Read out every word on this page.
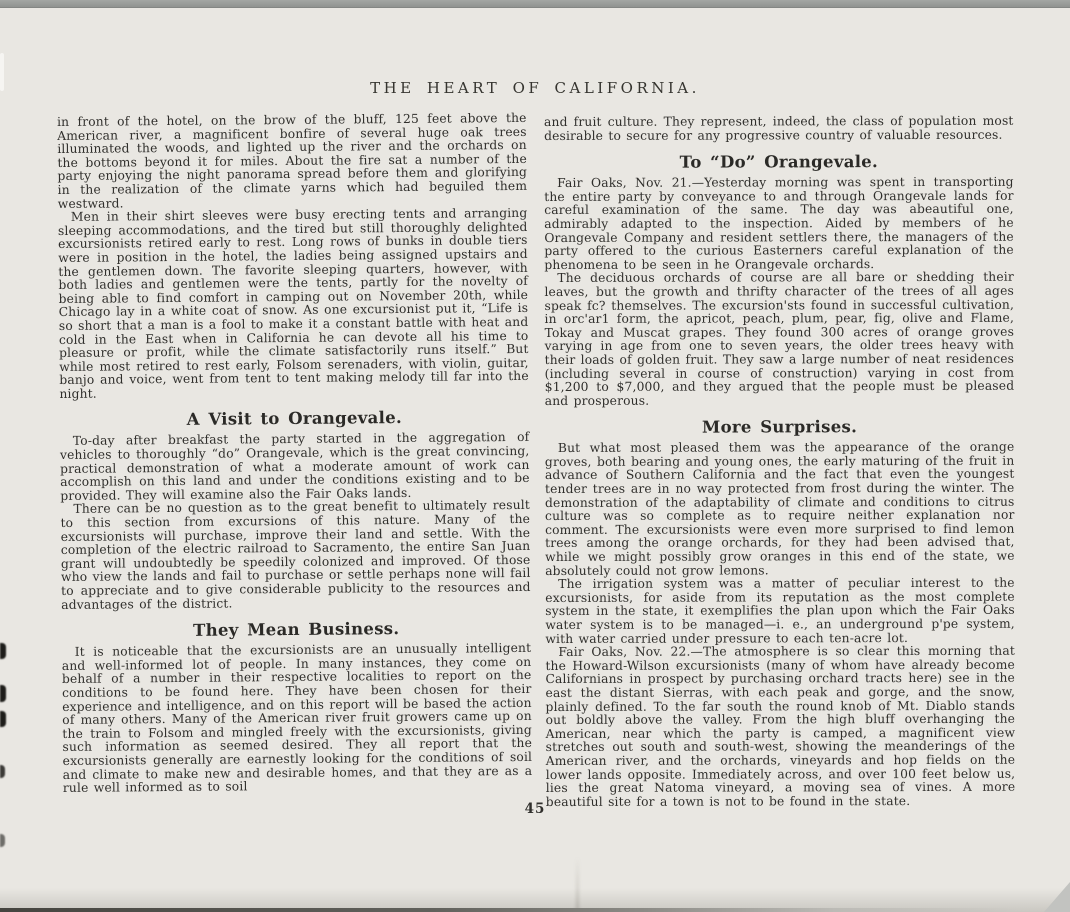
THE HEART OF CALIFORNIA.

in front of the hotel, on the brow of the bluff, 125 feet above the American river, a magnificent bonfire of several huge oak trees illuminated the woods, and lighted up the river and the orchards on the bottoms beyond it for miles. About the fire sat a number of the party enjoying the night panorama spread before them and glorifying in the realization of the climate yarns which had beguiled them westward.

Men in their shirt sleeves were busy erecting tents and arranging sleeping accommodations, and the tired but still thoroughly delighted excursionists retired early to rest. Long rows of bunks in double tiers were in position in the hotel, the ladies being assigned upstairs and the gentlemen down. The favorite sleeping quarters, however, with both ladies and gentlemen were the tents, partly for the novelty of being able to find comfort in camping out on November 20th, while Chicago lay in a white coat of snow. As one excursionist put it, “Life is so short that a man is a fool to make it a constant battle with heat and cold in the East when in California he can devote all his time to pleasure or profit, while the climate satisfactorily runs itself.” But while most retired to rest early, Folsom serenaders, with violin, guitar, banjo and voice, went from tent to tent making melody till far into the night.

A Visit to Orangevale.

To-day after breakfast the party started in the aggregation of vehicles to thoroughly “do” Orangevale, which is the great convincing, practical demonstration of what a moderate amount of work can accomplish on this land and under the conditions existing and to be provided. They will examine also the Fair Oaks lands.

There can be no question as to the great benefit to ultimately result to this section from excursions of this nature. Many of the excursionists will purchase, improve their land and settle. With the completion of the electric railroad to Sacramento, the entire San Juan grant will undoubtedly be speedily colonized and improved. Of those who view the lands and fail to purchase or settle perhaps none will fail to appreciate and to give considerable publicity to the resources and advantages of the district.

They Mean Business.

It is noticeable that the excursionists are an unusually intelligent and well-informed lot of people. In many instances, they come on behalf of a number in their respective localities to report on the conditions to be found here. They have been chosen for their experience and intelligence, and on this report will be based the action of many others. Many of the American river fruit growers came up on the train to Folsom and mingled freely with the excursionists, giving such information as seemed desired. They all report that the excursionists generally are earnestly looking for the conditions of soil and climate to make new and desirable homes, and that they are as a rule well informed as to soil

and fruit culture. They represent, indeed, the class of population most desirable to secure for any progressive country of valuable resources.

To “Do” Orangevale.

Fair Oaks, Nov. 21.—Yesterday morning was spent in transporting the entire party by conveyance to and through Orangevale lands for careful examination of the same. The day was abeautiful one, admirably adapted to the inspection. Aided by members of he Orangevale Company and resident settlers there, the managers of the party offered to the curious Easterners careful explanation of the phenomena to be seen in he Orangevale orchards.

The deciduous orchards of course are all bare or shedding their leaves, but the growth and thrifty character of the trees of all ages speak fc? themselves. The excursion'sts found in successful cultivation, in orc'ar1 form, the apricot, peach, plum, pear, fig, olive and Flame, Tokay and Muscat grapes. They found 300 acres of orange groves varying in age from one to seven years, the older trees heavy with their loads of golden fruit. They saw a large number of neat residences (including several in course of construction) varying in cost from $1,200 to $7,000, and they argued that the people must be pleased and prosperous.

More Surprises.

But what most pleased them was the appearance of the orange groves, both bearing and young ones, the early maturing of the fruit in advance of Southern California and the fact that even the youngest tender trees are in no way protected from frost during the winter. The demonstration of the adaptability of climate and conditions to citrus culture was so complete as to require neither explanation nor comment. The excursionists were even more surprised to find lemon trees among the orange orchards, for they had been advised that, while we might possibly grow oranges in this end of the state, we absolutely could not grow lemons.

The irrigation system was a matter of peculiar interest to the excursionists, for aside from its reputation as the most complete system in the state, it exemplifies the plan upon which the Fair Oaks water system is to be managed—i. e., an underground p'pe system, with water carried under pressure to each ten-acre lot.

Fair Oaks, Nov. 22.—The atmosphere is so clear this morning that the Howard-Wilson excursionists (many of whom have already become Californians in prospect by purchasing orchard tracts here) see in the east the distant Sierras, with each peak and gorge, and the snow, plainly defined. To the far south the round knob of Mt. Diablo stands out boldly above the valley. From the high bluff overhanging the American, near which the party is camped, a magnificent view stretches out south and south-west, showing the meanderings of the American river, and the orchards, vineyards and hop fields on the lower lands opposite. Immediately across, and over 100 feet below us, lies the great Natoma vineyard, a moving sea of vines. A more beautiful site for a town is not to be found in the state.

45
